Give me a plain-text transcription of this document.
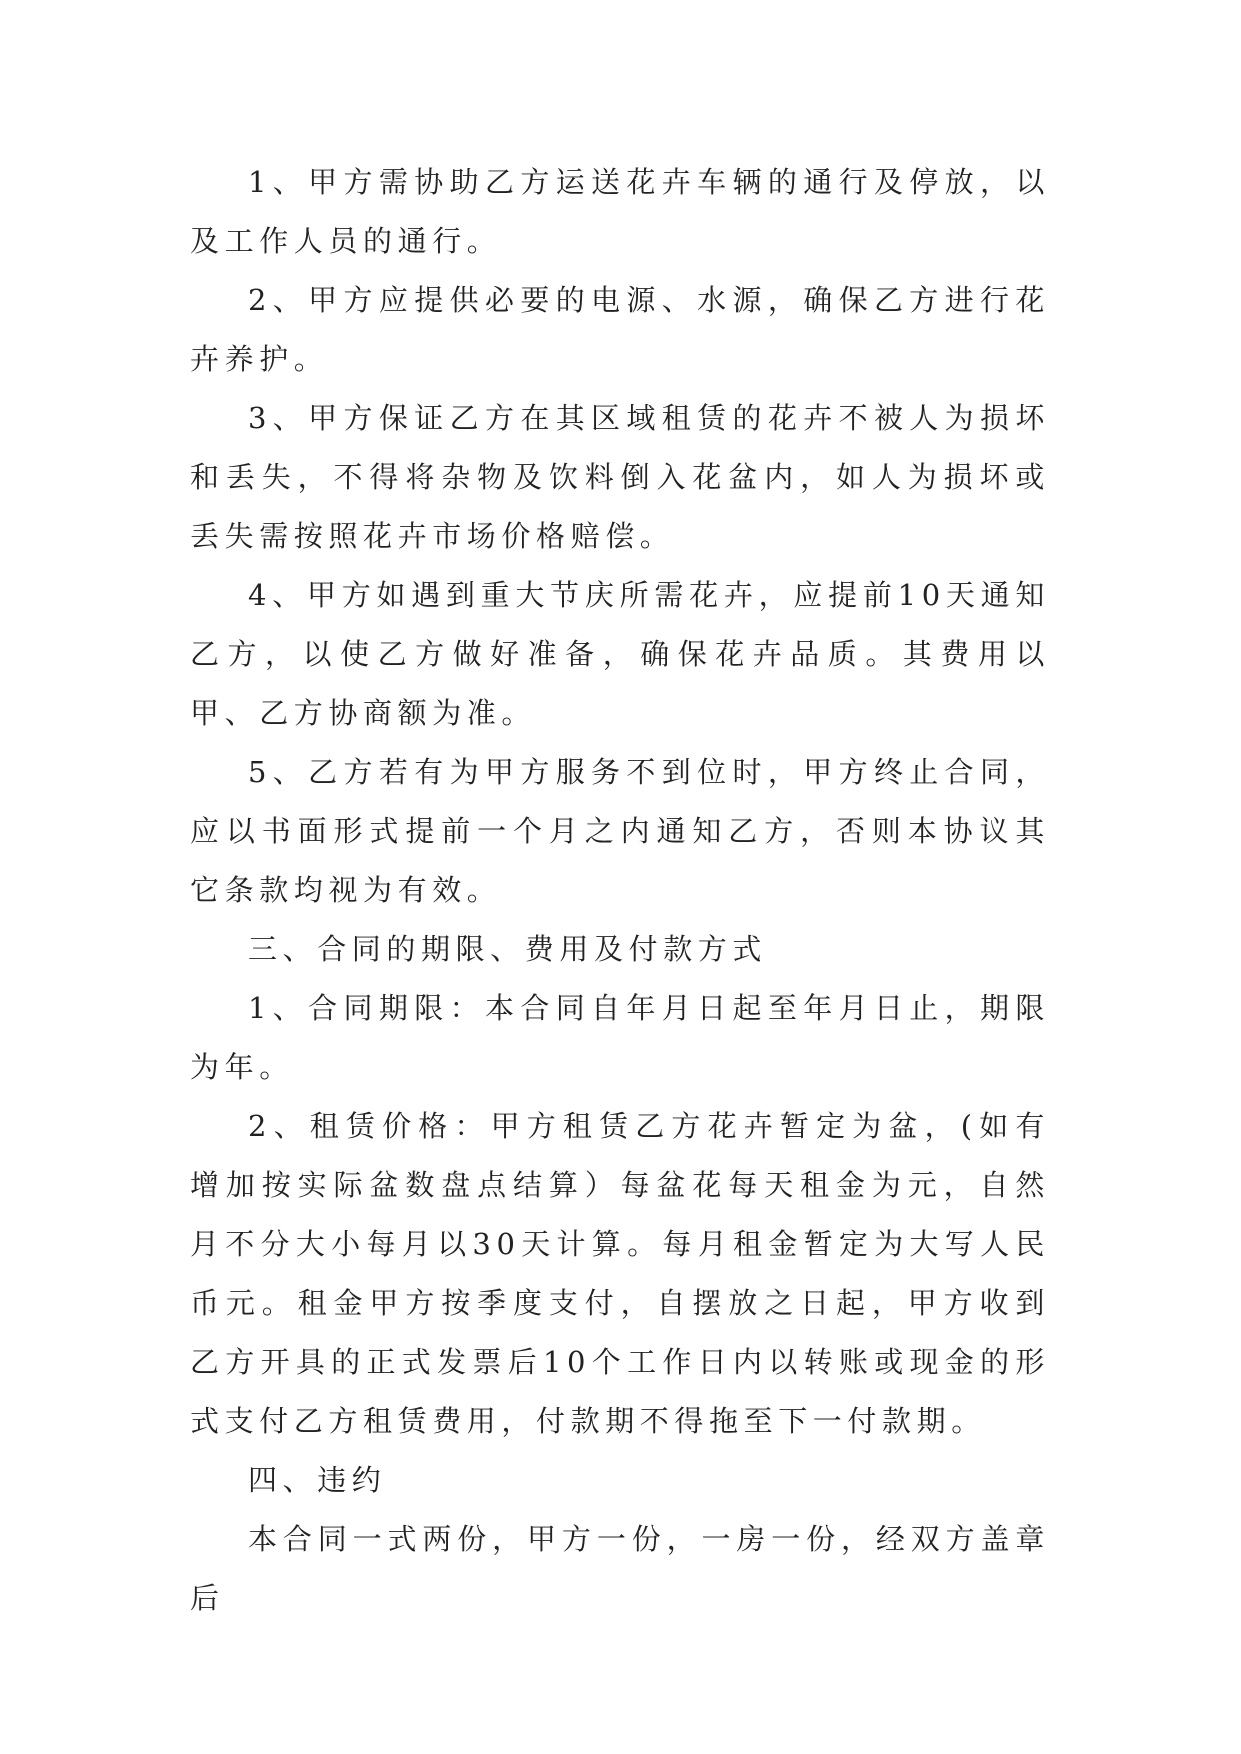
1、甲方需协助乙方运送花卉车辆的通行及停放，以及工作人员的通行。

2、甲方应提供必要的电源、水源，确保乙方进行花卉养护。

3、甲方保证乙方在其区域租赁的花卉不被人为损坏和丢失，不得将杂物及饮料倒入花盆内，如人为损坏或丢失需按照花卉市场价格赔偿。

4、甲方如遇到重大节庆所需花卉，应提前10天通知乙方，以使乙方做好准备，确保花卉品质。其费用以甲、乙方协商额为准。

5、乙方若有为甲方服务不到位时，甲方终止合同，应以书面形式提前一个月之内通知乙方，否则本协议其它条款均视为有效。

三、合同的期限、费用及付款方式

1、合同期限：本合同自年月日起至年月日止，期限为年。

2、租赁价格：甲方租赁乙方花卉暂定为盆，(如有增加按实际盆数盘点结算）每盆花每天租金为元，自然月不分大小每月以30天计算。每月租金暂定为大写人民币元。租金甲方按季度支付，自摆放之日起，甲方收到乙方开具的正式发票后10个工作日内以转账或现金的形式支付乙方租赁费用，付款期不得拖至下一付款期。

四、违约

本合同一式两份，甲方一份，一房一份，经双方盖章后
